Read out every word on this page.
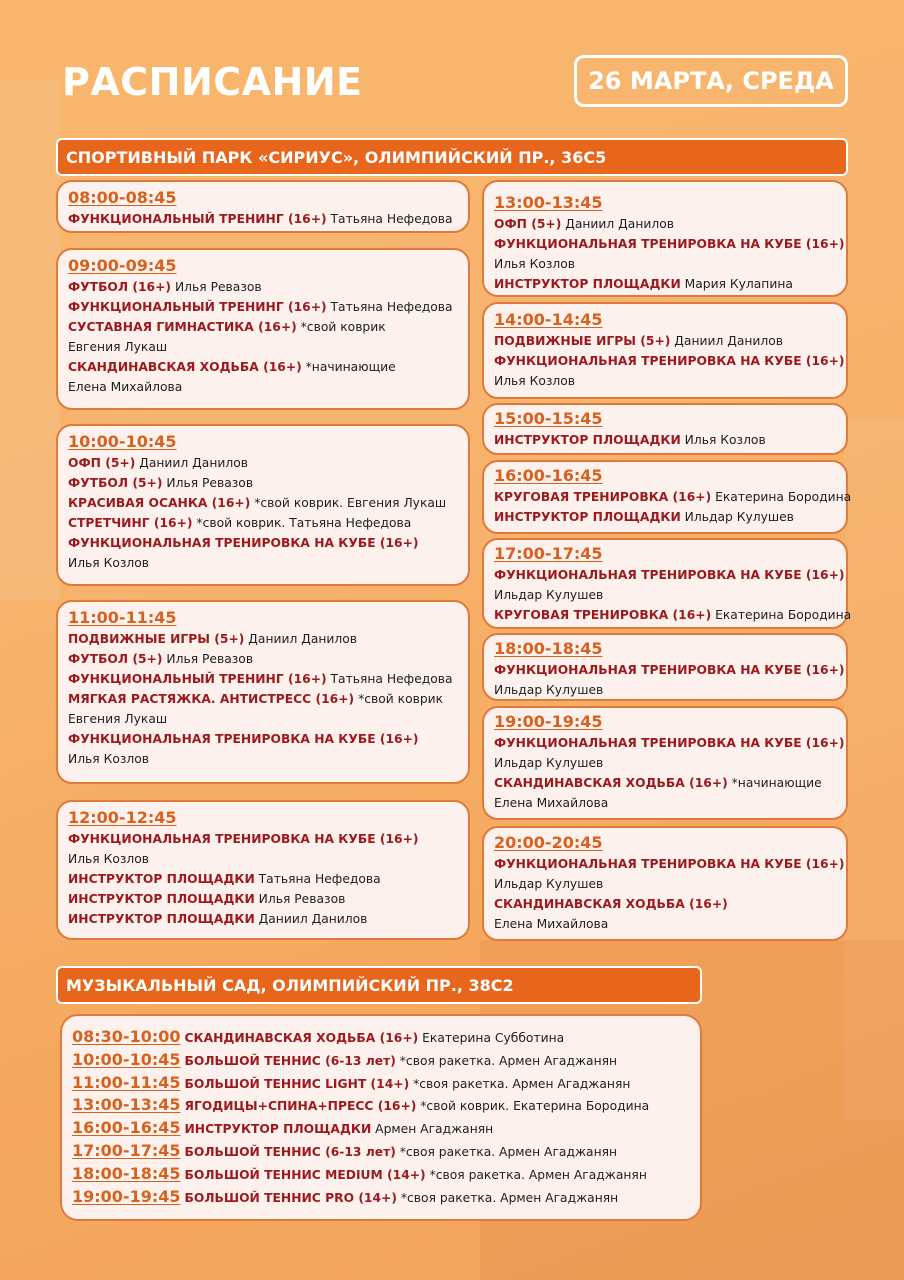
РАСПИСАНИЕ	26 МАРТА, СРЕДА
СПОРТИВНЫЙ ПАРК «СИРИУС», ОЛИМПИЙСКИЙ ПР., 36С5
08:00-08:45
ФУНКЦИОНАЛЬНЫЙ ТРЕНИНГ (16+) Татьяна Нефедова
09:00-09:45
ФУТБОЛ (16+) Илья Ревазов
ФУНКЦИОНАЛЬНЫЙ ТРЕНИНГ (16+) Татьяна Нефедова
СУСТАВНАЯ ГИМНАСТИКА (16+) *свой коврик
Евгения Лукаш
СКАНДИНАВСКАЯ ХОДЬБА (16+) *начинающие
Елена Михайлова
10:00-10:45
ОФП (5+) Даниил Данилов
ФУТБОЛ (5+) Илья Ревазов
КРАСИВАЯ ОСАНКА (16+) *свой коврик. Евгения Лукаш
СТРЕТЧИНГ (16+) *свой коврик. Татьяна Нефедова
ФУНКЦИОНАЛЬНАЯ ТРЕНИРОВКА НА КУБЕ (16+)
Илья Козлов
11:00-11:45
ПОДВИЖНЫЕ ИГРЫ (5+) Даниил Данилов
ФУТБОЛ (5+) Илья Ревазов
ФУНКЦИОНАЛЬНЫЙ ТРЕНИНГ (16+) Татьяна Нефедова
МЯГКАЯ РАСТЯЖКА. АНТИСТРЕСС (16+) *свой коврик
Евгения Лукаш
ФУНКЦИОНАЛЬНАЯ ТРЕНИРОВКА НА КУБЕ (16+)
Илья Козлов
12:00-12:45
ФУНКЦИОНАЛЬНАЯ ТРЕНИРОВКА НА КУБЕ (16+)
Илья Козлов
ИНСТРУКТОР ПЛОЩАДКИ Татьяна Нефедова
ИНСТРУКТОР ПЛОЩАДКИ Илья Ревазов
ИНСТРУКТОР ПЛОЩАДКИ Даниил Данилов
13:00-13:45
ОФП (5+) Даниил Данилов
ФУНКЦИОНАЛЬНАЯ ТРЕНИРОВКА НА КУБЕ (16+)
Илья Козлов
ИНСТРУКТОР ПЛОЩАДКИ Мария Кулапина
14:00-14:45
ПОДВИЖНЫЕ ИГРЫ (5+) Даниил Данилов
ФУНКЦИОНАЛЬНАЯ ТРЕНИРОВКА НА КУБЕ (16+)
Илья Козлов
15:00-15:45
ИНСТРУКТОР ПЛОЩАДКИ Илья Козлов
16:00-16:45
КРУГОВАЯ ТРЕНИРОВКА (16+) Екатерина Бородина
ИНСТРУКТОР ПЛОЩАДКИ Ильдар Кулушев
17:00-17:45
ФУНКЦИОНАЛЬНАЯ ТРЕНИРОВКА НА КУБЕ (16+)
Ильдар Кулушев
КРУГОВАЯ ТРЕНИРОВКА (16+) Екатерина Бородина
18:00-18:45
ФУНКЦИОНАЛЬНАЯ ТРЕНИРОВКА НА КУБЕ (16+)
Ильдар Кулушев
19:00-19:45
ФУНКЦИОНАЛЬНАЯ ТРЕНИРОВКА НА КУБЕ (16+)
Ильдар Кулушев
СКАНДИНАВСКАЯ ХОДЬБА (16+) *начинающие
Елена Михайлова
20:00-20:45
ФУНКЦИОНАЛЬНАЯ ТРЕНИРОВКА НА КУБЕ (16+)
Ильдар Кулушев
СКАНДИНАВСКАЯ ХОДЬБА (16+)
Елена Михайлова
МУЗЫКАЛЬНЫЙ САД, ОЛИМПИЙСКИЙ ПР., 38С2
08:30-10:00 СКАНДИНАВСКАЯ ХОДЬБА (16+) Екатерина Субботина
10:00-10:45 БОЛЬШОЙ ТЕННИС (6-13 лет) *своя ракетка. Армен Агаджанян
11:00-11:45 БОЛЬШОЙ ТЕННИС LIGHT (14+) *своя ракетка. Армен Агаджанян
13:00-13:45 ЯГОДИЦЫ+СПИНА+ПРЕСС (16+) *свой коврик. Екатерина Бородина
16:00-16:45 ИНСТРУКТОР ПЛОЩАДКИ Армен Агаджанян
17:00-17:45 БОЛЬШОЙ ТЕННИС (6-13 лет) *своя ракетка. Армен Агаджанян
18:00-18:45 БОЛЬШОЙ ТЕННИС MEDIUM (14+) *своя ракетка. Армен Агаджанян
19:00-19:45 БОЛЬШОЙ ТЕННИС PRO (14+) *своя ракетка. Армен Агаджанян
